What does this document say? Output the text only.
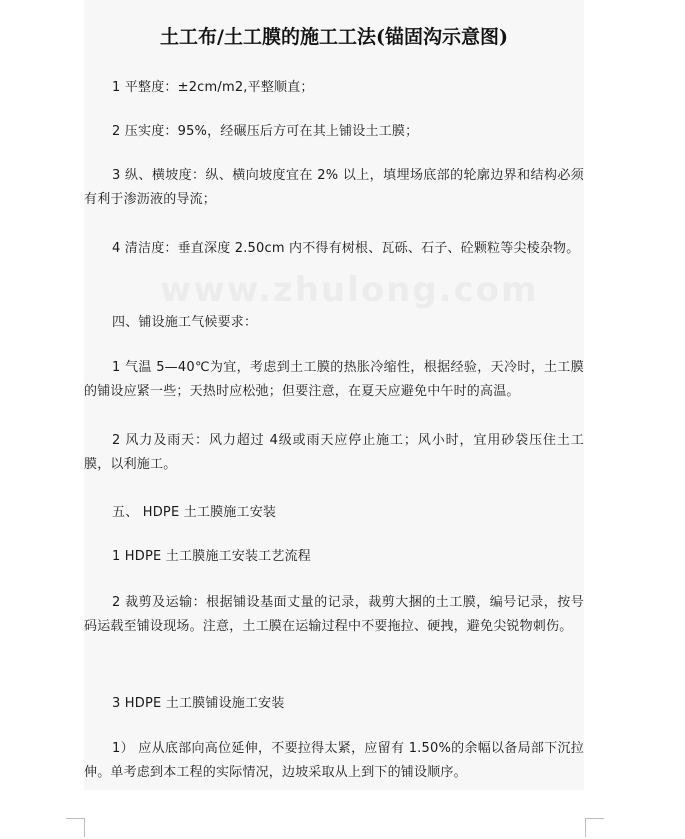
土工布/土工膜的施工工法(锚固沟示意图)
1 平整度：±2cm/m2,平整顺直；
2 压实度：95%，经碾压后方可在其上铺设土工膜；
3 纵、横坡度：纵、横向坡度宜在 2% 以上，填埋场底部的轮廓边界和结构必须有利于渗沥液的导流；
4 清洁度：垂直深度 2.50cm 内不得有树根、瓦砾、石子、砼颗粒等尖棱杂物。
四、铺设施工气候要求：
1 气温 5—40℃为宜，考虑到土工膜的热胀冷缩性，根据经验，天冷时，土工膜的铺设应紧一些；天热时应松弛；但要注意，在夏天应避免中午时的高温。
2 风力及雨天：风力超过 4级或雨天应停止施工；风小时，宜用砂袋压住土工膜，以利施工。
五、 HDPE 土工膜施工安装
1 HDPE 土工膜施工安装工艺流程
2 裁剪及运输：根据铺设基面丈量的记录，裁剪大捆的土工膜，编号记录，按号码运载至铺设现场。注意，土工膜在运输过程中不要拖拉、硬拽，避免尖锐物刺伤。
3 HDPE 土工膜铺设施工安装
1） 应从底部向高位延伸，不要拉得太紧，应留有 1.50%的余幅以备局部下沉拉伸。单考虑到本工程的实际情况，边坡采取从上到下的铺设顺序。
